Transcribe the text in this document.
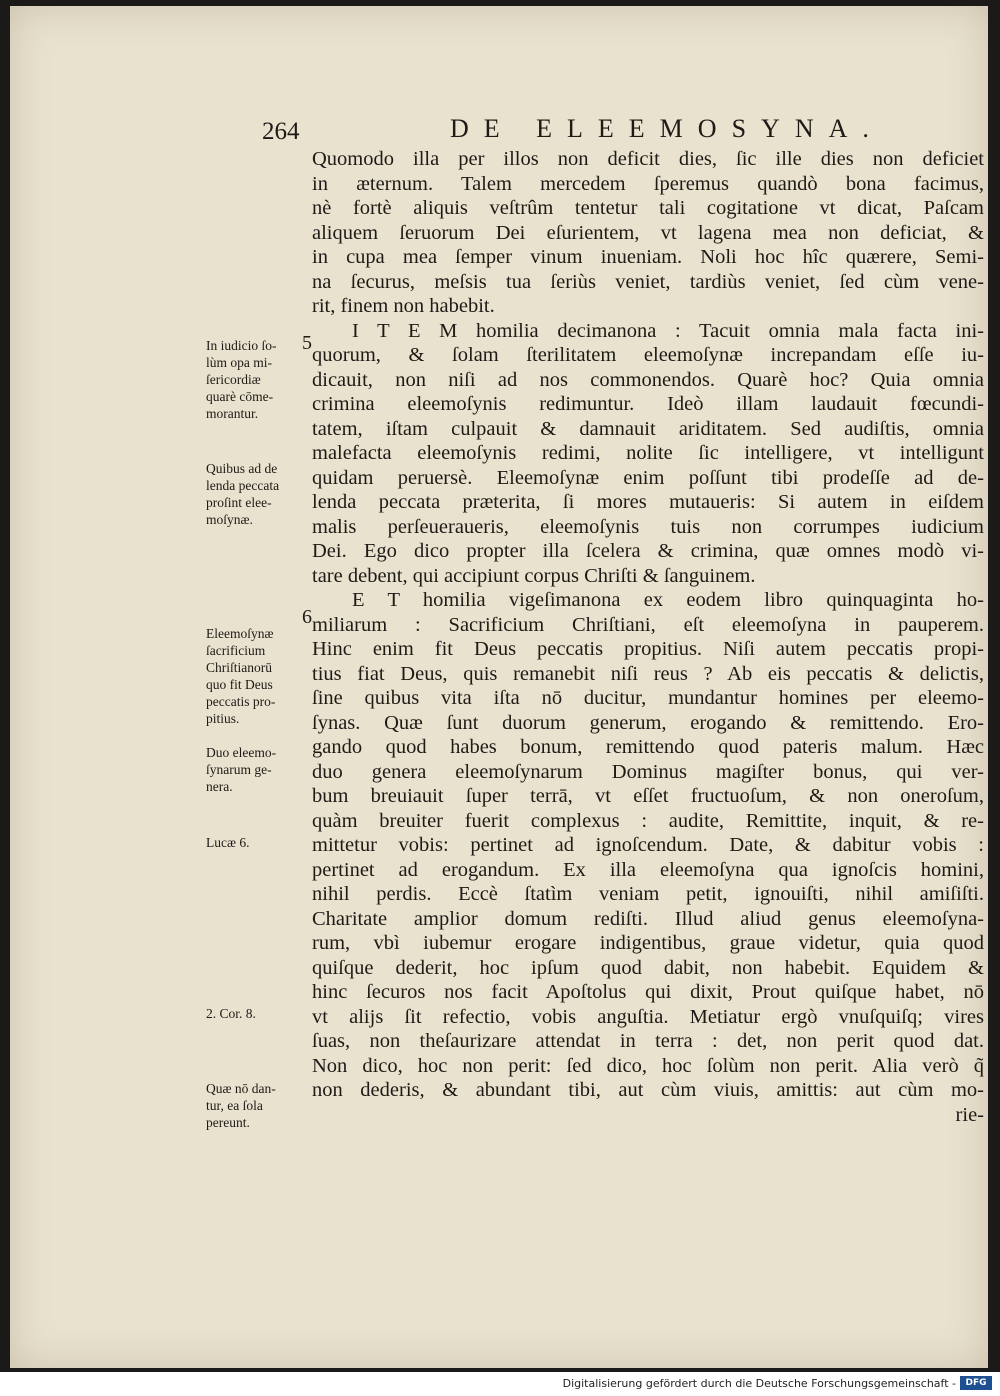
264	DE ELEEMOSYNA.
Quomodo illa per illos non deficit dies, ſic ille dies non deficiet
in æternum. Talem mercedem ſperemus quandò bona facimus,
nè fortè aliquis veſtrûm tentetur tali cogitatione vt dicat, Paſcam
aliquem ſeruorum Dei eſurientem, vt lagena mea non deficiat, &
in cupa mea ſemper vinum inueniam. Noli hoc hîc quærere, Semi-
na ſecurus, meſsis tua ſeriùs veniet, tardiùs veniet, ſed cùm vene-
rit, finem non habebit.
I T E M homilia decimanona : Tacuit omnia mala facta ini-
quorum, & ſolam ſterilitatem eleemoſynæ increpandam eſſe iu-
dicauit, non niſi ad nos commonendos. Quarè hoc? Quia omnia
crimina eleemoſynis redimuntur. Ideò illam laudauit fœcundi-
tatem, iſtam culpauit & damnauit ariditatem. Sed audiſtis, omnia
malefacta eleemoſynis redimi, nolite ſic intelligere, vt intelligunt
quidam peruersè. Eleemoſynæ enim poſſunt tibi prodeſſe ad de-
lenda peccata præterita, ſi mores mutaueris: Si autem in eiſdem
malis perſeueraueris, eleemoſynis tuis non corrumpes iudicium
Dei. Ego dico propter illa ſcelera & crimina, quæ omnes modò vi-
tare debent, qui accipiunt corpus Chriſti & ſanguinem.
E T homilia vigeſimanona ex eodem libro quinquaginta ho-
miliarum : Sacrificium Chriſtiani, eſt eleemoſyna in pauperem.
Hinc enim fit Deus peccatis propitius. Niſi autem peccatis propi-
tius fiat Deus, quis remanebit niſi reus ? Ab eis peccatis & delictis,
ſine quibus vita iſta nō ducitur, mundantur homines per eleemo-
ſynas. Quæ ſunt duorum generum, erogando & remittendo. Ero-
gando quod habes bonum, remittendo quod pateris malum. Hæc
duo genera eleemoſynarum Dominus magiſter bonus, qui ver-
bum breuiauit ſuper terrā, vt eſſet fructuoſum, & non oneroſum,
quàm breuiter fuerit complexus : audite, Remittite, inquit, & re-
mittetur vobis: pertinet ad ignoſcendum. Date, & dabitur vobis :
pertinet ad erogandum. Ex illa eleemoſyna qua ignoſcis homini,
nihil perdis. Eccè ſtatìm veniam petit, ignouiſti, nihil amiſiſti.
Charitate amplior domum rediſti. Illud aliud genus eleemoſyna-
rum, vbì iubemur erogare indigentibus, graue videtur, quia quod
quiſque dederit, hoc ipſum quod dabit, non habebit. Equidem &
hinc ſecuros nos facit Apoſtolus qui dixit, Prout quiſque habet, nō
vt alijs ſit refectio, vobis anguſtia. Metiatur ergò vnuſquiſq; vires
ſuas, non theſaurizare attendat in terra : det, non perit quod dat.
Non dico, hoc non perit: ſed dico, hoc ſolùm non perit. Alia verò q̃
non dederis, & abundant tibi, aut cùm viuis, amittis: aut cùm mo-
rie-
In iudicio ſo-
lùm opa mi-
ſericordiæ
quarè cōme-
morantur.
Quibus ad de
lenda peccata
proſint elee-
moſynæ.
Eleemoſynæ
ſacrificium
Chriſtianorū
quo fit Deus
peccatis pro-
pitius.
Duo eleemo-
ſynarum ge-
nera.
Lucæ 6.
2. Cor. 8.
Quæ nō dan-
tur, ea ſola
pereunt.
5
6
Digitalisierung gefördert durch die Deutsche Forschungsgemeinschaft -	DFG
